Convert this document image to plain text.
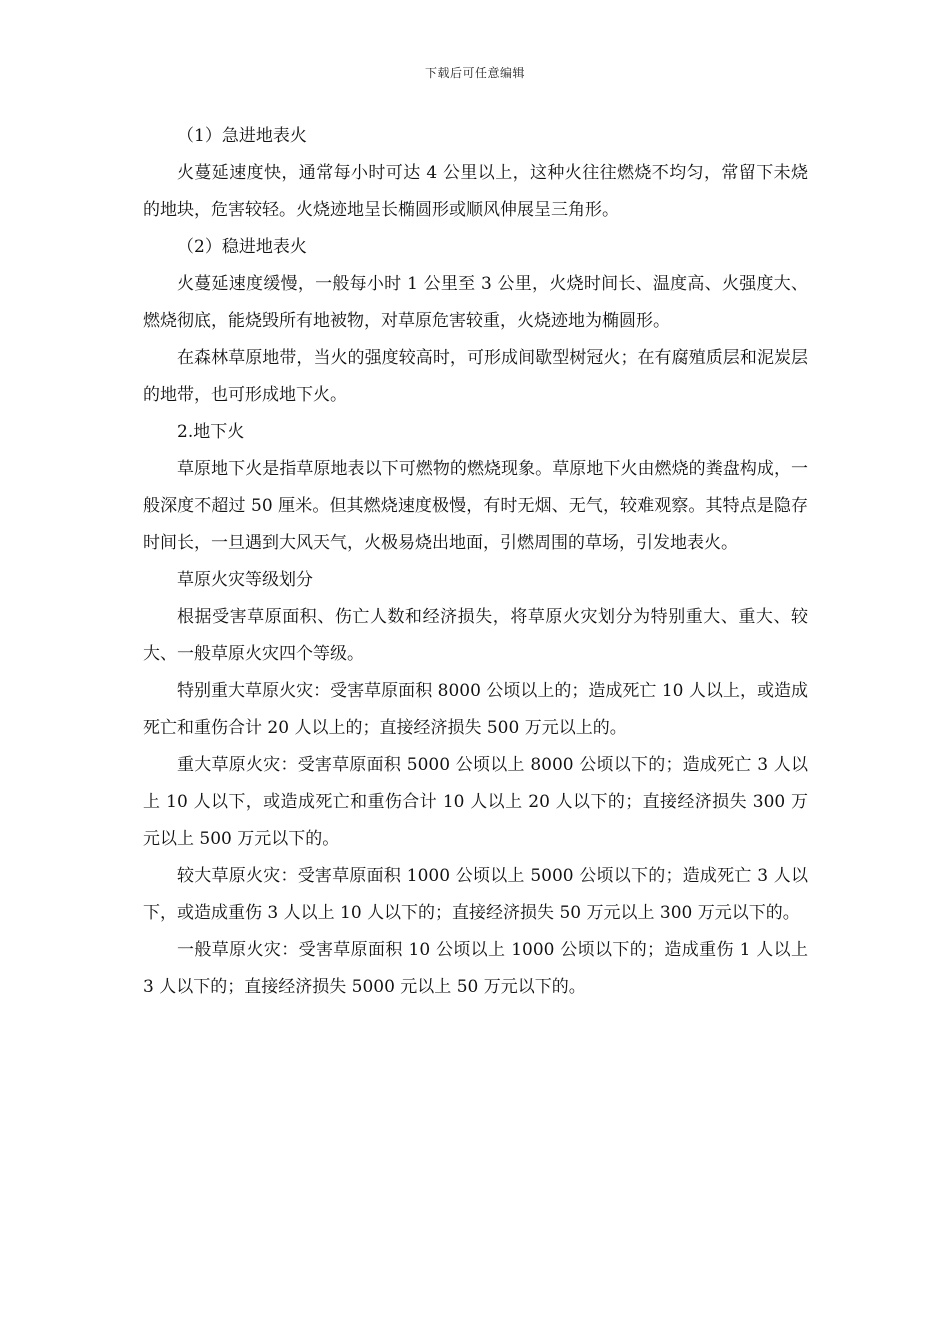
下载后可任意编辑

（1）急进地表火

火蔓延速度快，通常每小时可达 4 公里以上，这种火往往燃烧不均匀，常留下未烧的地块，危害较轻。火烧迹地呈长椭圆形或顺风伸展呈三角形。

（2）稳进地表火

火蔓延速度缓慢，一般每小时 1 公里至 3 公里，火烧时间长、温度高、火强度大、燃烧彻底，能烧毁所有地被物，对草原危害较重，火烧迹地为椭圆形。

在森林草原地带，当火的强度较高时，可形成间歇型树冠火；在有腐殖质层和泥炭层的地带，也可形成地下火。

2.地下火

草原地下火是指草原地表以下可燃物的燃烧现象。草原地下火由燃烧的粪盘构成，一般深度不超过 50 厘米。但其燃烧速度极慢，有时无烟、无气，较难观察。其特点是隐存时间长，一旦遇到大风天气，火极易烧出地面，引燃周围的草场，引发地表火。

草原火灾等级划分

根据受害草原面积、伤亡人数和经济损失，将草原火灾划分为特别重大、重大、较大、一般草原火灾四个等级。

特别重大草原火灾：受害草原面积 8000 公顷以上的；造成死亡 10 人以上，或造成死亡和重伤合计 20 人以上的；直接经济损失 500 万元以上的。

重大草原火灾：受害草原面积 5000 公顷以上 8000 公顷以下的；造成死亡 3 人以上 10 人以下，或造成死亡和重伤合计 10 人以上 20 人以下的；直接经济损失 300 万元以上 500 万元以下的。

较大草原火灾：受害草原面积 1000 公顷以上 5000 公顷以下的；造成死亡 3 人以下，或造成重伤 3 人以上 10 人以下的；直接经济损失 50 万元以上 300 万元以下的。

一般草原火灾：受害草原面积 10 公顷以上 1000 公顷以下的；造成重伤 1 人以上 3 人以下的；直接经济损失 5000 元以上 50 万元以下的。
